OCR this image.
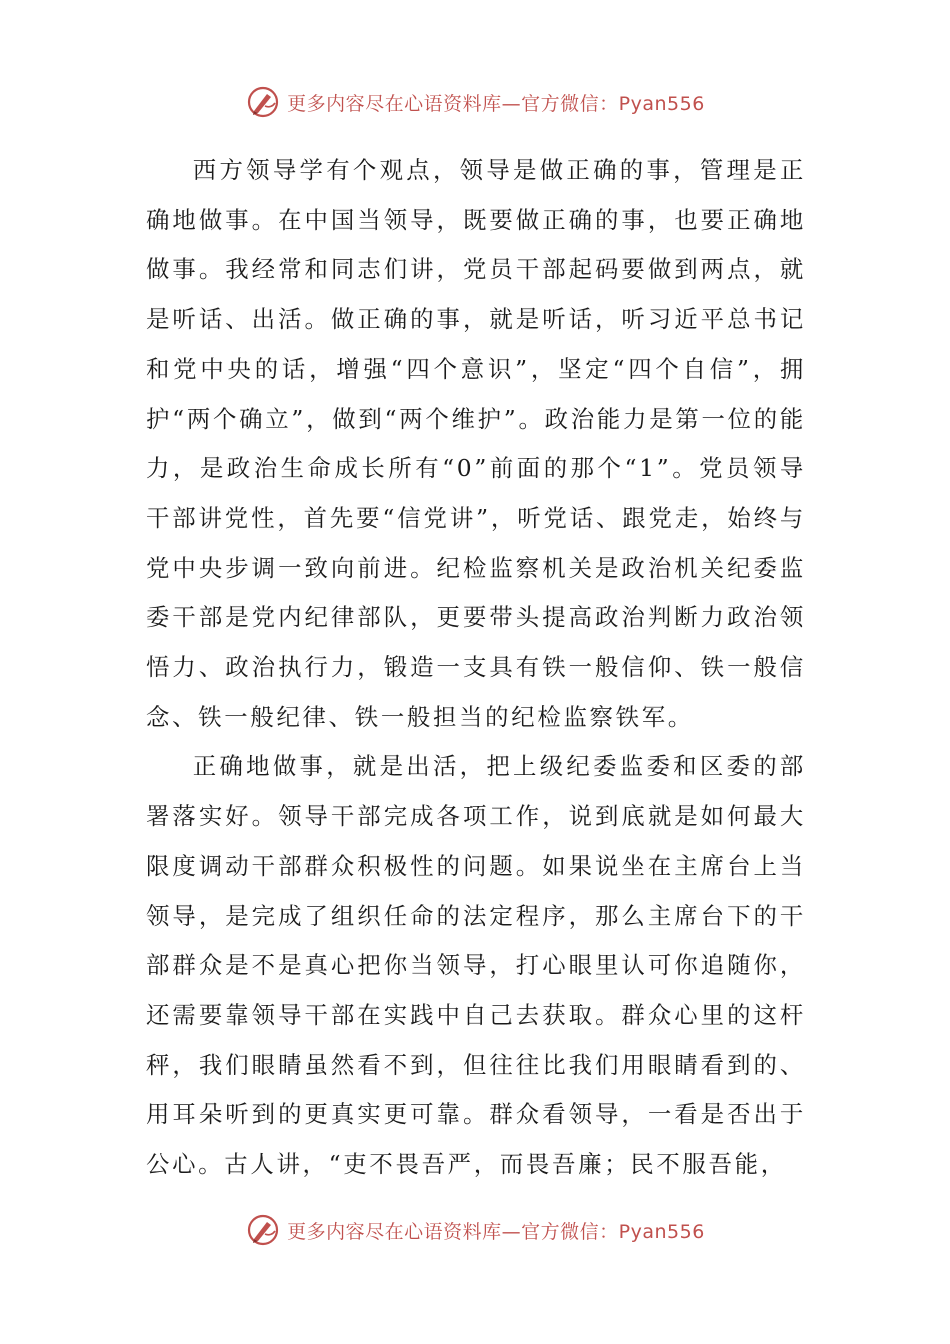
更多内容尽在心语资料库—官方微信：Pyan556

西方领导学有个观点，领导是做正确的事，管理是正确地做事。在中国当领导，既要做正确的事，也要正确地做事。我经常和同志们讲，党员干部起码要做到两点，就是听话、出活。做正确的事，就是听话，听习近平总书记和党中央的话，增强“四个意识”，坚定“四个自信”，拥护“两个确立”，做到“两个维护”。政治能力是第一位的能力，是政治生命成长所有“0”前面的那个“1”。党员领导干部讲党性，首先要“信党讲”，听党话、跟党走，始终与党中央步调一致向前进。纪检监察机关是政治机关纪委监委干部是党内纪律部队，更要带头提高政治判断力政治领悟力、政治执行力，锻造一支具有铁一般信仰、铁一般信念、铁一般纪律、铁一般担当的纪检监察铁军。

正确地做事，就是出活，把上级纪委监委和区委的部署落实好。领导干部完成各项工作，说到底就是如何最大限度调动干部群众积极性的问题。如果说坐在主席台上当领导，是完成了组织任命的法定程序，那么主席台下的干部群众是不是真心把你当领导，打心眼里认可你追随你，还需要靠领导干部在实践中自己去获取。群众心里的这杆秤，我们眼睛虽然看不到，但往往比我们用眼睛看到的、用耳朵听到的更真实更可靠。群众看领导，一看是否出于公心。古人讲，“吏不畏吾严，而畏吾廉；民不服吾能，

更多内容尽在心语资料库—官方微信：Pyan556
